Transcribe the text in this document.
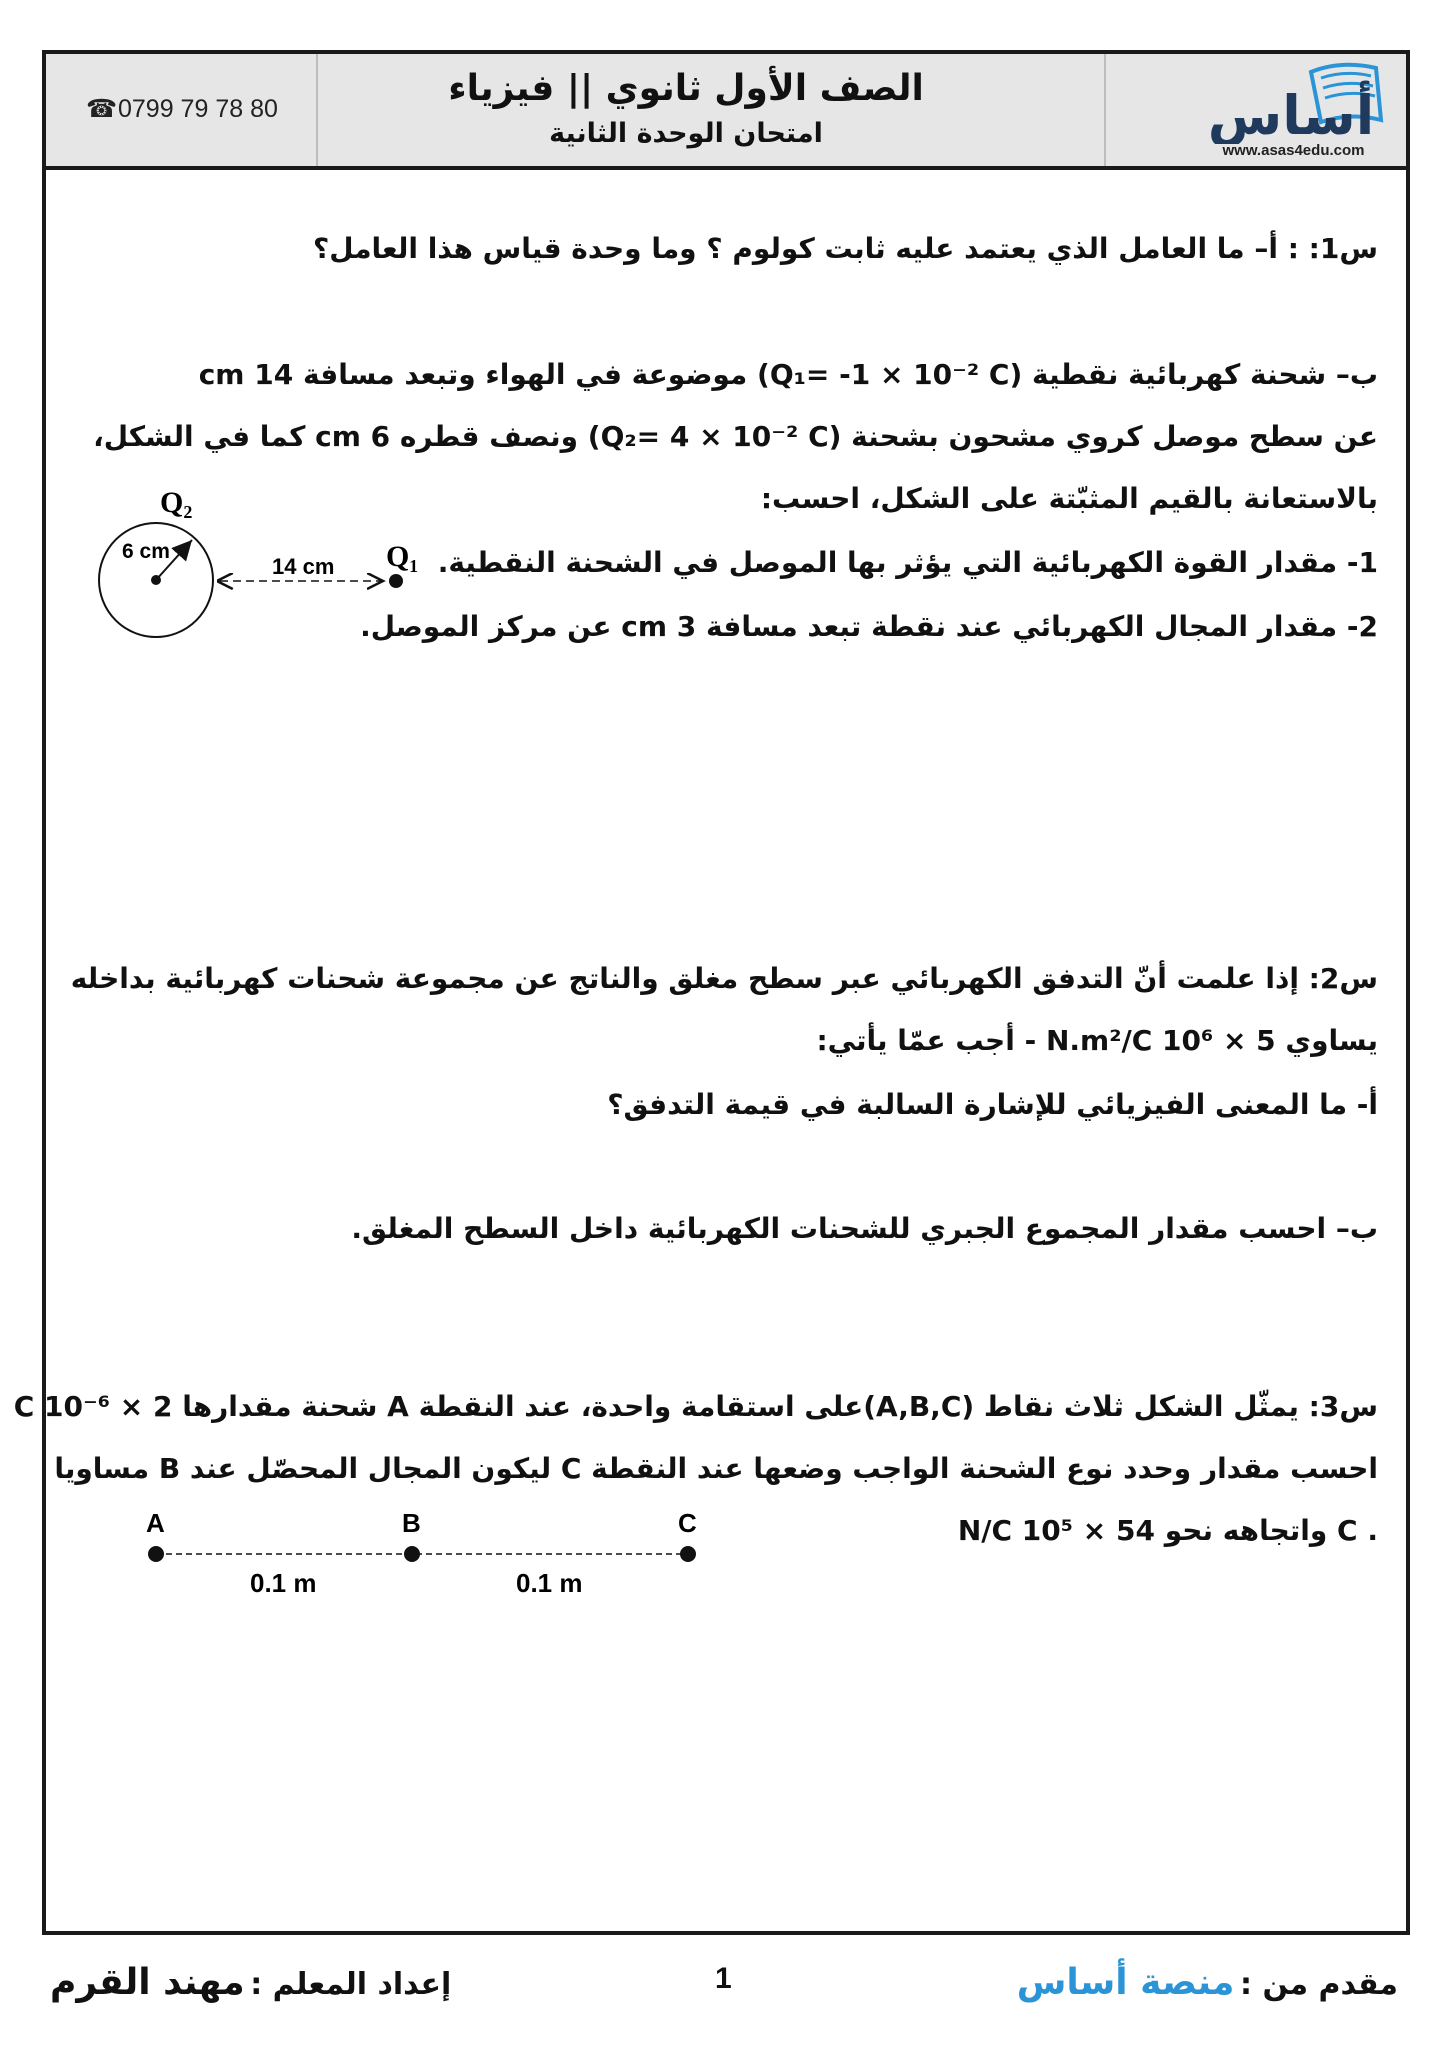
☎0799 79 78 80	الصف الأول ثانوي || فيزياء
امتحان الوحدة الثانية	أساس
www.asas4edu.com
س1: : أ– ما العامل الذي يعتمد عليه ثابت كولوم ؟ وما وحدة قياس هذا العامل؟
ب– شحنة كهربائية نقطية (Q₁= -1 × 10⁻² C) موضوعة في الهواء وتبعد مسافة 14 cm
عن سطح موصل كروي مشحون بشحنة (Q₂= 4 × 10⁻² C) ونصف قطره 6 cm كما في الشكل،
بالاستعانة بالقيم المثبّتة على الشكل، احسب:
1- مقدار القوة الكهربائية التي يؤثر بها الموصل في الشحنة النقطية.
2- مقدار المجال الكهربائي عند نقطة تبعد مسافة 3 cm عن مركز الموصل.
Q₂
6 cm
14 cm Q₁
س2: إذا علمت أنّ التدفق الكهربائي عبر سطح مغلق والناتج عن مجموعة شحنات كهربائية بداخله
يساوي N.m²/C 10⁶ × 5 - أجب عمّا يأتي:
أ- ما المعنى الفيزيائي للإشارة السالبة في قيمة التدفق؟
ب– احسب مقدار المجموع الجبري للشحنات الكهربائية داخل السطح المغلق.
س3: يمثّل الشكل ثلاث نقاط (A,B,C)على استقامة واحدة، عند النقطة A شحنة مقدارها C 10⁻⁶ × 2
احسب مقدار وحدد نوع الشحنة الواجب وضعها عند النقطة C ليكون المجال المحصّل عند B مساويا
N/C 10⁵ × 54 واتجاهه نحو C .
A	B	C
0.1 m	0.1 m
مقدم من : منصة أساس
1
إعداد المعلم : مهند القرم
